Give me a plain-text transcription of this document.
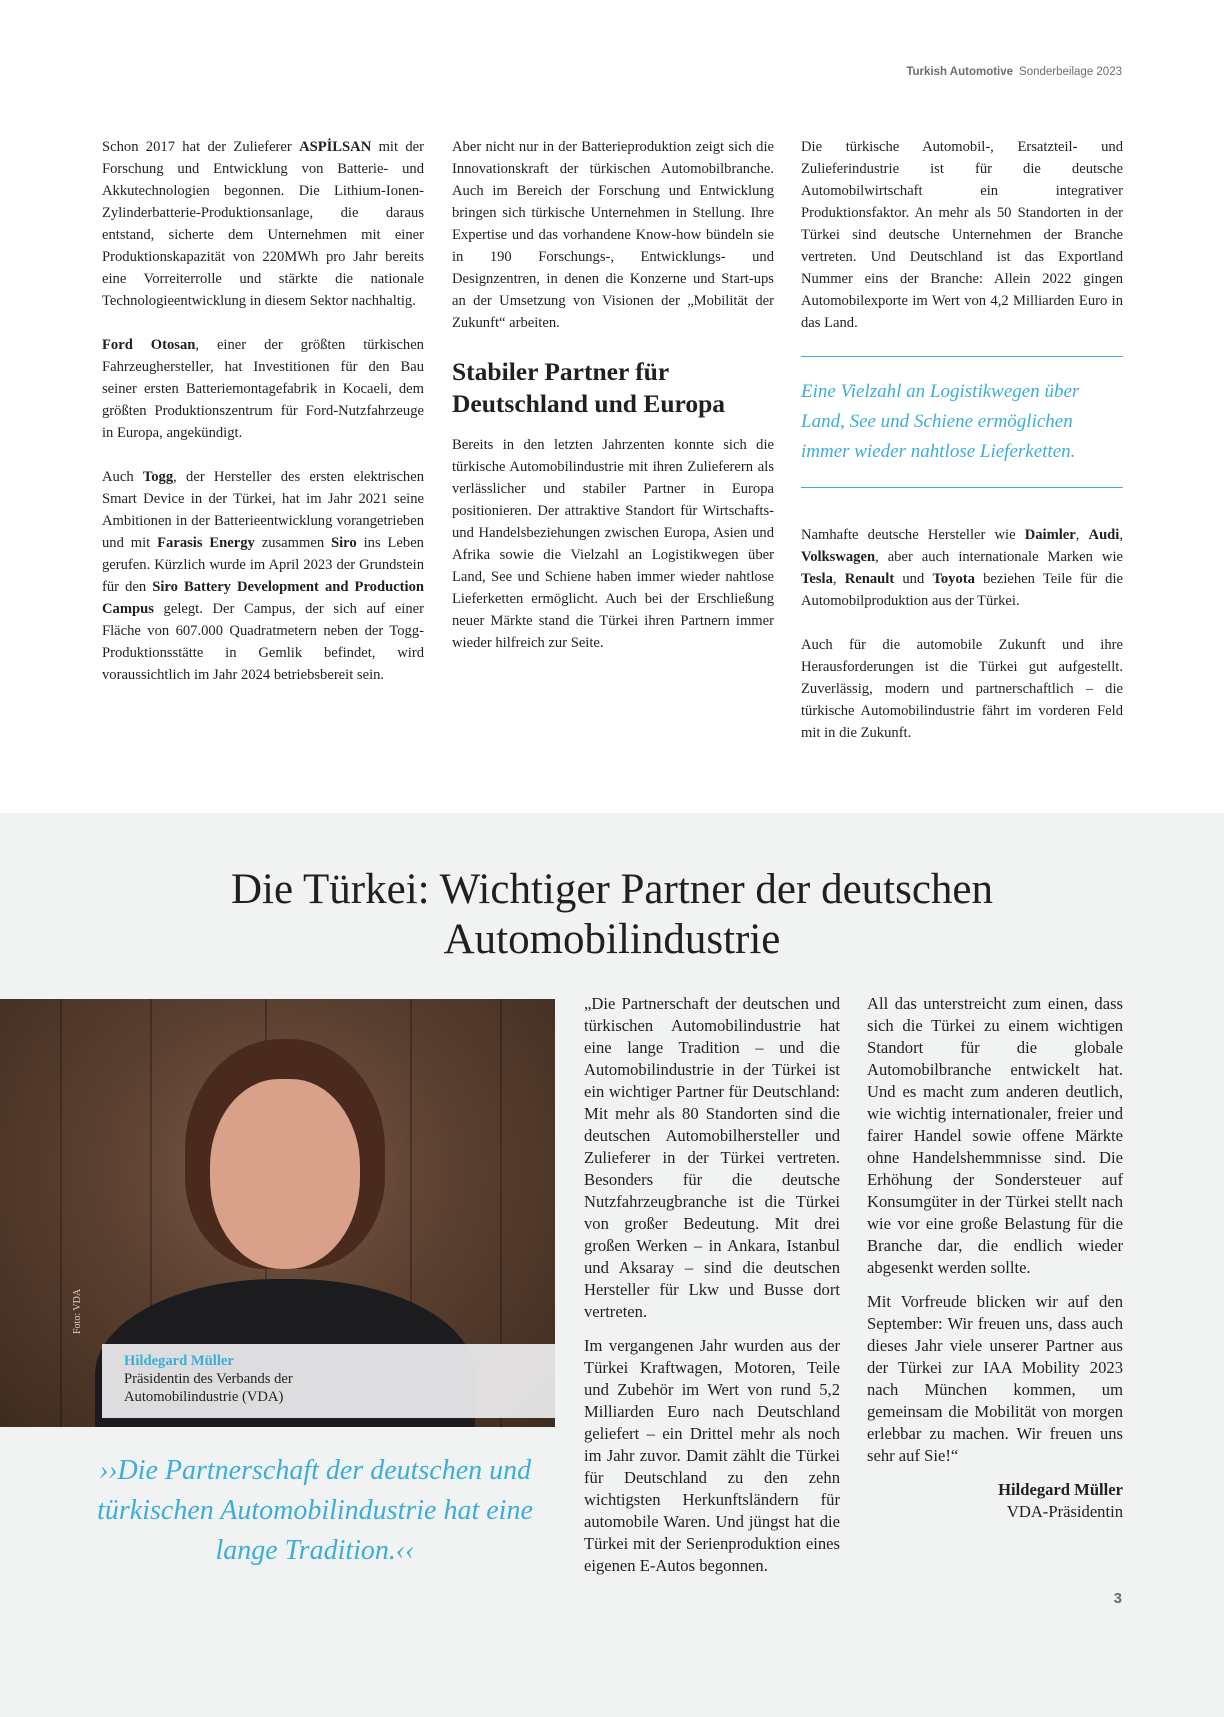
Turkish Automotive Sonderbeilage 2023

Schon 2017 hat der Zulieferer ASPİLSAN mit der Forschung und Entwicklung von Batterie- und Akkutechnologien begonnen. Die Lithium-Ionen-Zylinderbatterie-Produktionsanlage, die daraus entstand, sicherte dem Unternehmen mit einer Produktionskapazität von 220MWh pro Jahr bereits eine Vorreiterrolle und stärkte die nationale Technologieentwicklung in diesem Sektor nachhaltig.

Ford Otosan, einer der größten türkischen Fahrzeughersteller, hat Investitionen für den Bau seiner ersten Batteriemontagefabrik in Kocaeli, dem größten Produktionszentrum für Ford-Nutzfahrzeuge in Europa, angekündigt.

Auch Togg, der Hersteller des ersten elektrischen Smart Device in der Türkei, hat im Jahr 2021 seine Ambitionen in der Batterieentwicklung vorangetrieben und mit Farasis Energy zusammen Siro ins Leben gerufen. Kürzlich wurde im April 2023 der Grundstein für den Siro Battery Development and Production Campus gelegt. Der Campus, der sich auf einer Fläche von 607.000 Quadratmetern neben der Togg-Produktionsstätte in Gemlik befindet, wird voraussichtlich im Jahr 2024 betriebsbereit sein.

Aber nicht nur in der Batterieproduktion zeigt sich die Innovationskraft der türkischen Automobilbranche. Auch im Bereich der Forschung und Entwicklung bringen sich türkische Unternehmen in Stellung. Ihre Expertise und das vorhandene Know-how bündeln sie in 190 Forschungs-, Entwicklungs- und Designzentren, in denen die Konzerne und Start-ups an der Umsetzung von Visionen der „Mobilität der Zukunft“ arbeiten.

Stabiler Partner für Deutschland und Europa

Bereits in den letzten Jahrzenten konnte sich die türkische Automobilindustrie mit ihren Zulieferern als verlässlicher und stabiler Partner in Europa positionieren. Der attraktive Standort für Wirtschafts- und Handelsbeziehungen zwischen Europa, Asien und Afrika sowie die Vielzahl an Logistikwegen über Land, See und Schiene haben immer wieder nahtlose Lieferketten ermöglicht. Auch bei der Erschließung neuer Märkte stand die Türkei ihren Partnern immer wieder hilfreich zur Seite.

Die türkische Automobil-, Ersatzteil- und Zulieferindustrie ist für die deutsche Automobilwirtschaft ein integrativer Produktionsfaktor. An mehr als 50 Standorten in der Türkei sind deutsche Unternehmen der Branche vertreten. Und Deutschland ist das Exportland Nummer eins der Branche: Allein 2022 gingen Automobilexporte im Wert von 4,2 Milliarden Euro in das Land.

Eine Vielzahl an Logistikwegen über Land, See und Schiene ermöglichen immer wieder nahtlose Lieferketten.

Namhafte deutsche Hersteller wie Daimler, Audi, Volkswagen, aber auch internationale Marken wie Tesla, Renault und Toyota beziehen Teile für die Automobilproduktion aus der Türkei.

Auch für die automobile Zukunft und ihre Herausforderungen ist die Türkei gut aufgestellt. Zuverlässig, modern und partnerschaftlich – die türkische Automobilindustrie fährt im vorderen Feld mit in die Zukunft.

Die Türkei: Wichtiger Partner der deutschen
Automobilindustrie
Foto: VDA
Hildegard Müller
Präsidentin des Verbands der
Automobilindustrie (VDA)
››Die Partnerschaft der deutschen und türkischen Automobilindustrie hat eine lange Tradition.‹‹

„Die Partnerschaft der deutschen und türkischen Automobilindustrie hat eine lange Tradition – und die Automobilindustrie in der Türkei ist ein wichtiger Partner für Deutschland: Mit mehr als 80 Standorten sind die deutschen Automobilhersteller und Zulieferer in der Türkei vertreten. Besonders für die deutsche Nutzfahrzeugbranche ist die Türkei von großer Bedeutung. Mit drei großen Werken – in Ankara, Istanbul und Aksaray – sind die deutschen Hersteller für Lkw und Busse dort vertreten.

Im vergangenen Jahr wurden aus der Türkei Kraftwagen, Motoren, Teile und Zubehör im Wert von rund 5,2 Milliarden Euro nach Deutschland geliefert – ein Drittel mehr als noch im Jahr zuvor. Damit zählt die Türkei für Deutschland zu den zehn wichtigsten Herkunftsländern für automobile Waren. Und jüngst hat die Türkei mit der Serienproduktion eines eigenen E-Autos begonnen.

All das unterstreicht zum einen, dass sich die Türkei zu einem wichtigen Standort für die globale Automobilbranche entwickelt hat. Und es macht zum anderen deutlich, wie wichtig internationaler, freier und fairer Handel sowie offene Märkte ohne Handelshemmnisse sind. Die Erhöhung der Sondersteuer auf Konsumgüter in der Türkei stellt nach wie vor eine große Belastung für die Branche dar, die endlich wieder abgesenkt werden sollte.

Mit Vorfreude blicken wir auf den September: Wir freuen uns, dass auch dieses Jahr viele unserer Partner aus der Türkei zur IAA Mobility 2023 nach München kommen, um gemeinsam die Mobilität von morgen erlebbar zu machen. Wir freuen uns sehr auf Sie!“

Hildegard Müller
VDA-Präsidentin
3
